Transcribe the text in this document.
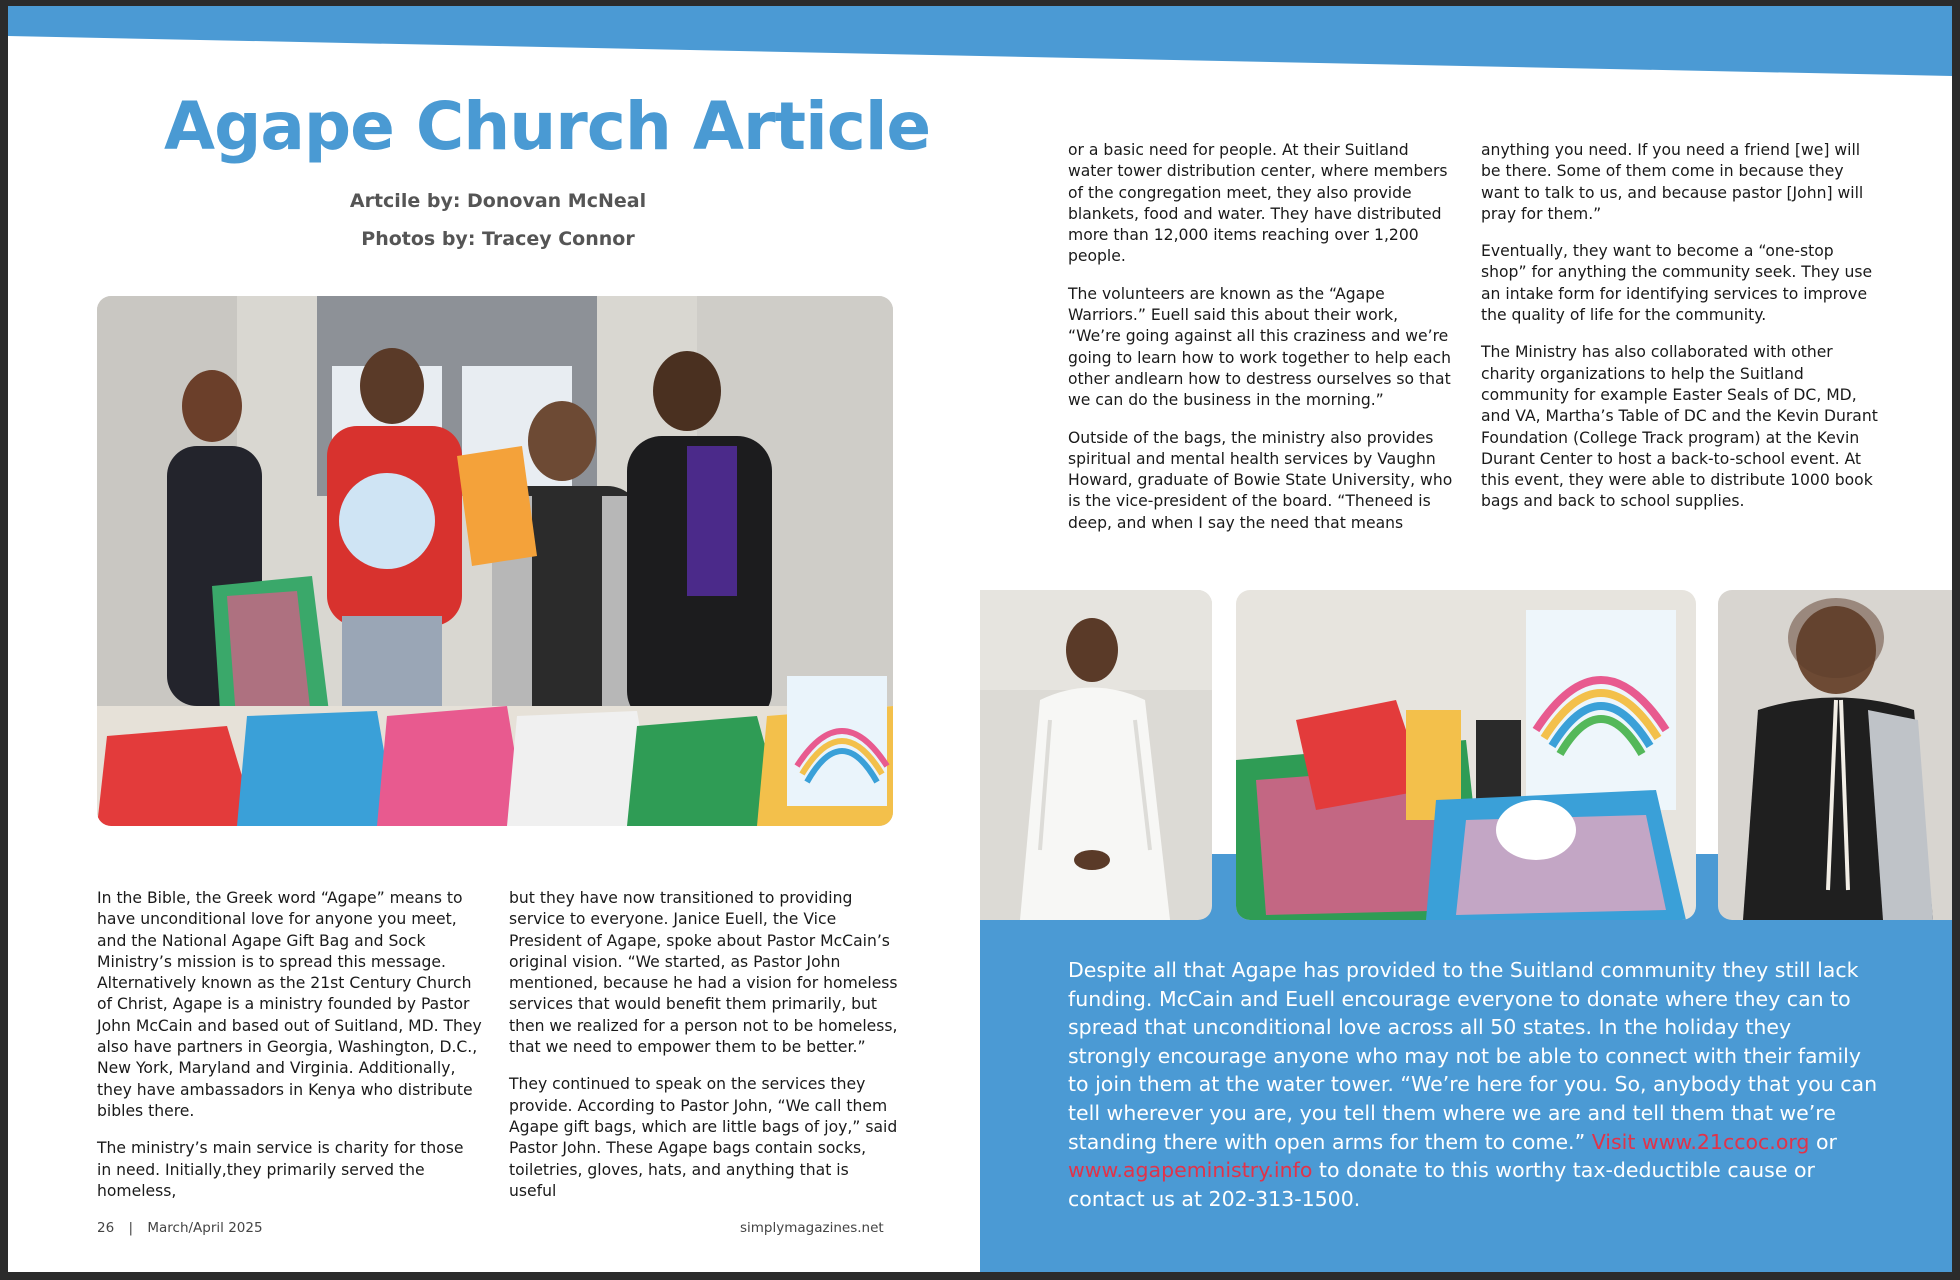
Agape Church Article
Artcile by: Donovan McNeal
Photos by: Tracey Connor

In the Bible, the Greek word “Agape” means to have unconditional love for anyone you meet, and the National Agape Gift Bag and Sock Ministry’s mission is to spread this message. Alternatively known as the 21st Century Church of Christ, Agape is a ministry founded by Pastor John McCain and based out of Suitland, MD. They also have partners in Georgia, Washington, D.C., New York, Maryland and Virginia. Additionally, they have ambassadors in Kenya who distribute bibles there.

The ministry’s main service is charity for those in need. Initially,they primarily served the homeless,

but they have now transitioned to providing service to everyone. Janice Euell, the Vice President of Agape, spoke about Pastor McCain’s original vision. “We started, as Pastor John mentioned, because he had a vision for homeless services that would benefit them primarily, but then we realized for a person not to be homeless, that we need to empower them to be better.”

They continued to speak on the services they provide. According to Pastor John, “We call them Agape gift bags, which are little bags of joy,” said Pastor John. These Agape bags contain socks, toiletries, gloves, hats, and anything that is useful

26 | March/April 2025	simplymagazines.net

or a basic need for people. At their Suitland water tower distribution center, where members of the congregation meet, they also provide blankets, food and water. They have distributed more than 12,000 items reaching over 1,200 people.

The volunteers are known as the “Agape Warriors.” Euell said this about their work, “We’re going against all this craziness and we’re going to learn how to work together to help each other andlearn how to destress ourselves so that we can do the business in the morning.”

Outside of the bags, the ministry also provides spiritual and mental health services by Vaughn Howard, graduate of Bowie State University, who is the vice-president of the board. “Theneed is deep, and when I say the need that means

anything you need. If you need a friend [we] will be there. Some of them come in because they want to talk to us, and because pastor [John] will pray for them.”

Eventually, they want to become a “one-stop shop” for anything the community seek. They use an intake form for identifying services to improve the quality of life for the community.

The Ministry has also collaborated with other charity organizations to help the Suitland community for example Easter Seals of DC, MD, and VA, Martha’s Table of DC and the Kevin Durant Foundation (College Track program) at the Kevin Durant Center to host a back-to-school event. At this event, they were able to distribute 1000 book bags and back to school supplies.

Despite all that Agape has provided to the Suitland community they still lack funding. McCain and Euell encourage everyone to donate where they can to spread that unconditional love across all 50 states. In the holiday they strongly encourage anyone who may not be able to connect with their family to join them at the water tower. “We’re here for you. So, anybody that you can tell wherever you are, you tell them where we are and tell them that we’re standing there with open arms for them to come.” Visit www.21ccoc.org or www.agapeministry.info to donate to this worthy tax-deductible cause or contact us at 202-313-1500.
